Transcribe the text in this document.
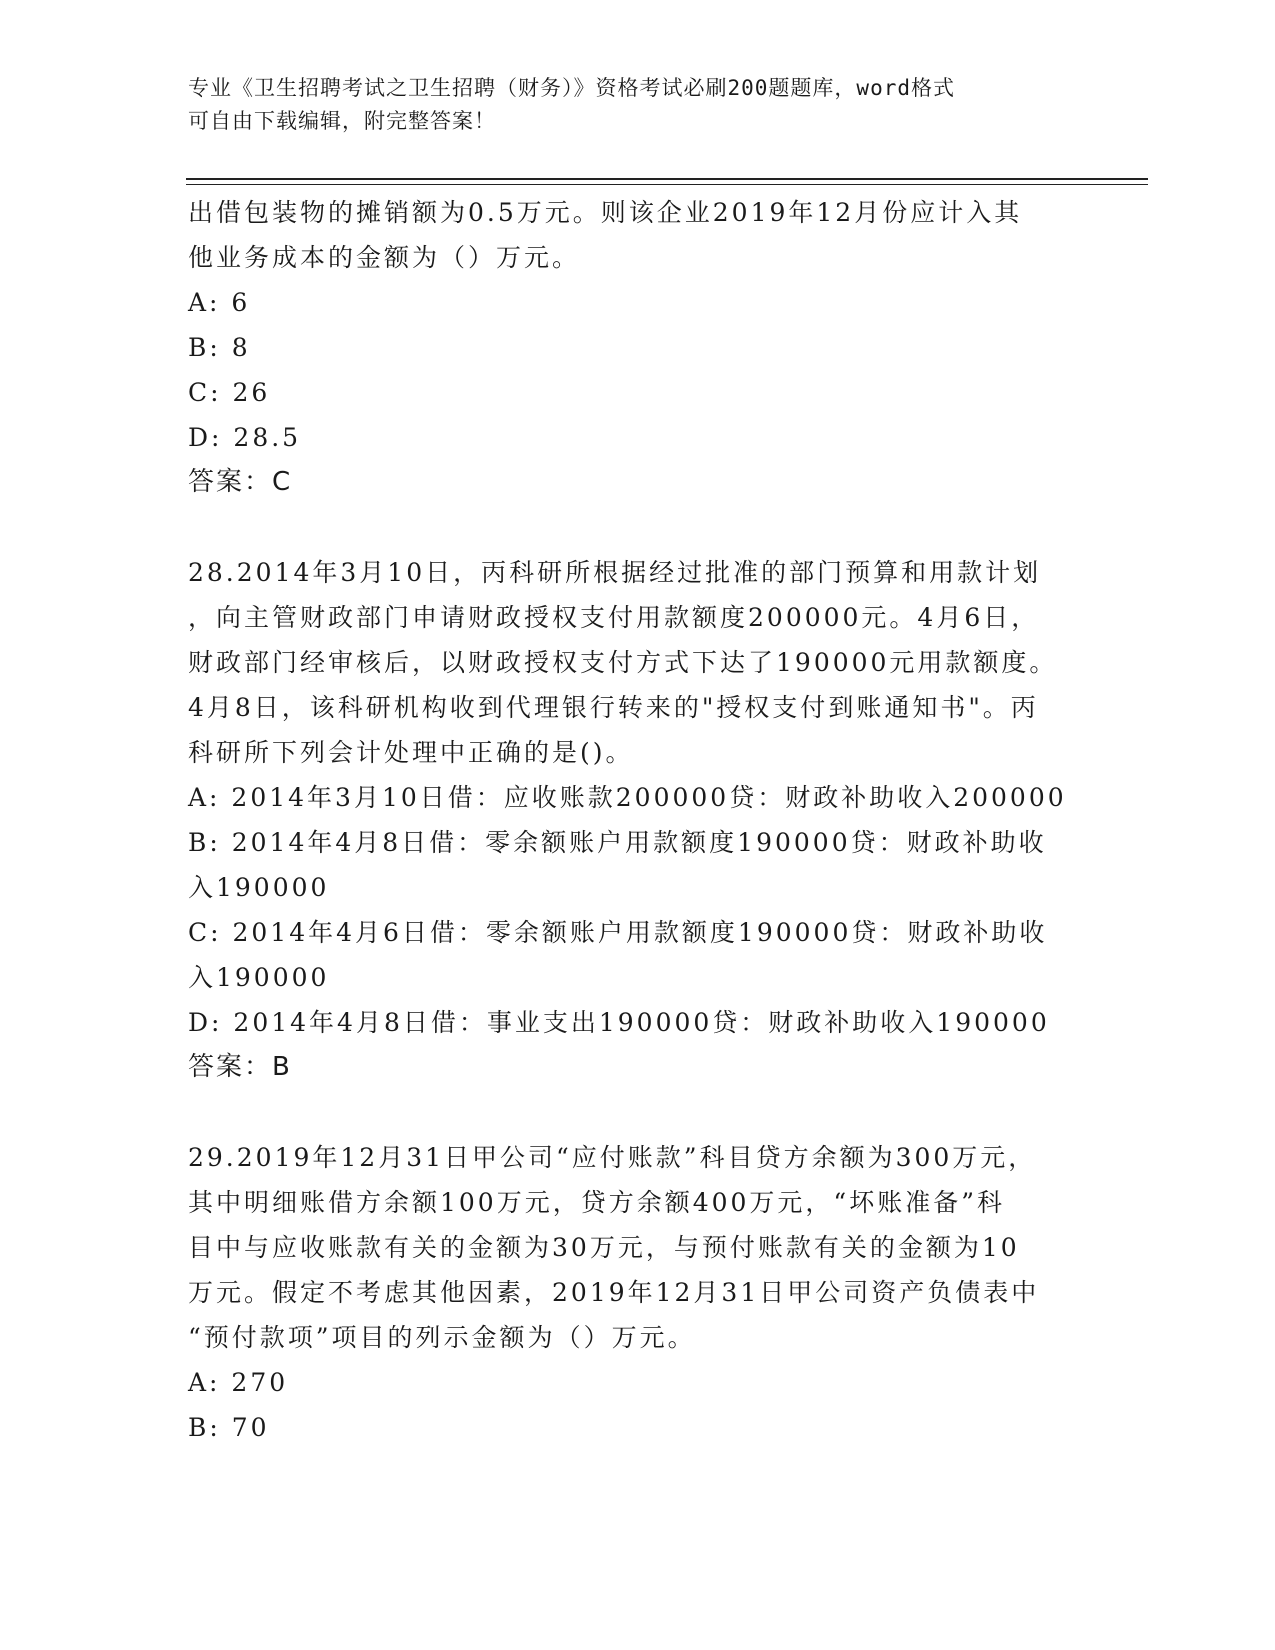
专业《卫生招聘考试之卫生招聘（财务）》资格考试必刷200题题库，word格式
可自由下载编辑，附完整答案！
出借包装物的摊销额为0.5万元。则该企业2019年12月份应计入其
他业务成本的金额为（）万元。
A: 6
B: 8
C: 26
D: 28.5
答案：C
28.2014年3月10日，丙科研所根据经过批准的部门预算和用款计划
，向主管财政部门申请财政授权支付用款额度200000元。4月6日，
财政部门经审核后，以财政授权支付方式下达了190000元用款额度。
4月8日，该科研机构收到代理银行转来的"授权支付到账通知书"。丙
科研所下列会计处理中正确的是()。
A: 2014年3月10日借：应收账款200000贷：财政补助收入200000
B: 2014年4月8日借：零余额账户用款额度190000贷：财政补助收
入190000
C: 2014年4月6日借：零余额账户用款额度190000贷：财政补助收
入190000
D: 2014年4月8日借：事业支出190000贷：财政补助收入190000
答案：B
29.2019年12月31日甲公司“应付账款”科目贷方余额为300万元，
其中明细账借方余额100万元，贷方余额400万元，“坏账准备”科
目中与应收账款有关的金额为30万元，与预付账款有关的金额为10
万元。假定不考虑其他因素，2019年12月31日甲公司资产负债表中
“预付款项”项目的列示金额为（）万元。
A: 270
B: 70
